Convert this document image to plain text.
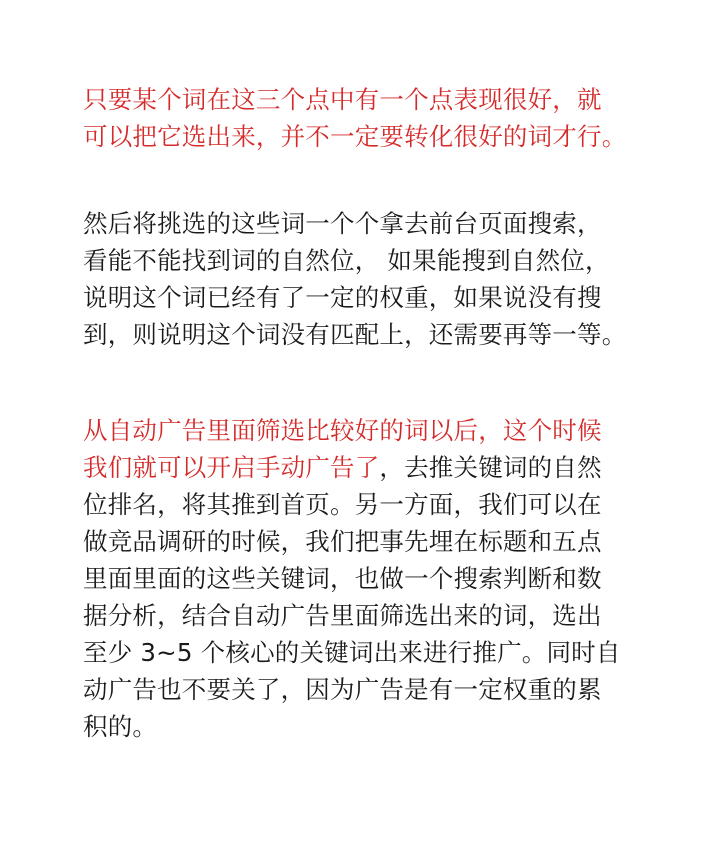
只要某个词在这三个点中有一个点表现很好，就
可以把它选出来，并不一定要转化很好的词才行。
然后将挑选的这些词一个个拿去前台页面搜索，
看能不能找到词的自然位， 如果能搜到自然位，
说明这个词已经有了一定的权重，如果说没有搜
到，则说明这个词没有匹配上，还需要再等一等。
从自动广告里面筛选比较好的词以后，这个时候
我们就可以开启手动广告了，去推关键词的自然
位排名，将其推到首页。另一方面，我们可以在
做竞品调研的时候，我们把事先埋在标题和五点
里面里面的这些关键词，也做一个搜索判断和数
据分析，结合自动广告里面筛选出来的词，选出
至少 3~5 个核心的关键词出来进行推广。同时自
动广告也不要关了，因为广告是有一定权重的累
积的。
